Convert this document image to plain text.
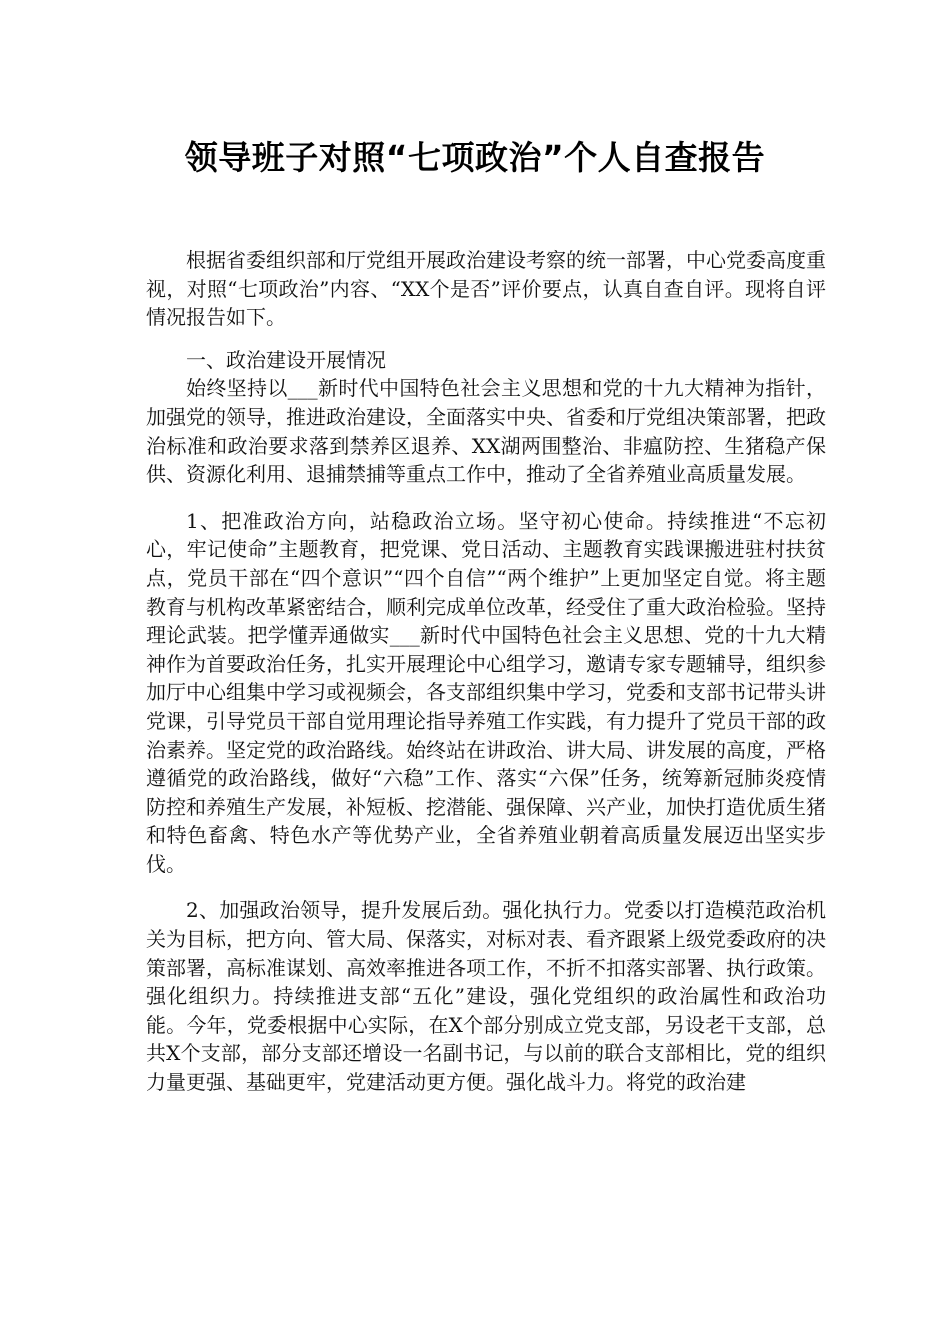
领导班子对照“七项政治”个人自查报告

根据省委组织部和厅党组开展政治建设考察的统一部署，中心党委高度重视，对照“七项政治”内容、“XX个是否”评价要点，认真自查自评。现将自评情况报告如下。

一、政治建设开展情况

始终坚持以___新时代中国特色社会主义思想和党的十九大精神为指针，加强党的领导，推进政治建设，全面落实中央、省委和厅党组决策部署，把政治标准和政治要求落到禁养区退养、XX湖两围整治、非瘟防控、生猪稳产保供、资源化利用、退捕禁捕等重点工作中，推动了全省养殖业高质量发展。

1、把准政治方向，站稳政治立场。坚守初心使命。持续推进“不忘初心，牢记使命”主题教育，把党课、党日活动、主题教育实践课搬进驻村扶贫点，党员干部在“四个意识”“四个自信”“两个维护”上更加坚定自觉。将主题教育与机构改革紧密结合，顺利完成单位改革，经受住了重大政治检验。坚持理论武装。把学懂弄通做实___新时代中国特色社会主义思想、党的十九大精神作为首要政治任务，扎实开展理论中心组学习，邀请专家专题辅导，组织参加厅中心组集中学习或视频会，各支部组织集中学习，党委和支部书记带头讲党课，引导党员干部自觉用理论指导养殖工作实践，有力提升了党员干部的政治素养。坚定党的政治路线。始终站在讲政治、讲大局、讲发展的高度，严格遵循党的政治路线，做好“六稳”工作、落实“六保”任务，统筹新冠肺炎疫情防控和养殖生产发展，补短板、挖潜能、强保障、兴产业，加快打造优质生猪和特色畜禽、特色水产等优势产业，全省养殖业朝着高质量发展迈出坚实步伐。

2、加强政治领导，提升发展后劲。强化执行力。党委以打造模范政治机关为目标，把方向、管大局、保落实，对标对表、看齐跟紧上级党委政府的决策部署，高标准谋划、高效率推进各项工作，不折不扣落实部署、执行政策。强化组织力。持续推进支部“五化”建设，强化党组织的政治属性和政治功能。今年，党委根据中心实际，在X个部分别成立党支部，另设老干支部，总共X个支部，部分支部还增设一名副书记，与以前的联合支部相比，党的组织力量更强、基础更牢，党建活动更方便。强化战斗力。将党的政治建
